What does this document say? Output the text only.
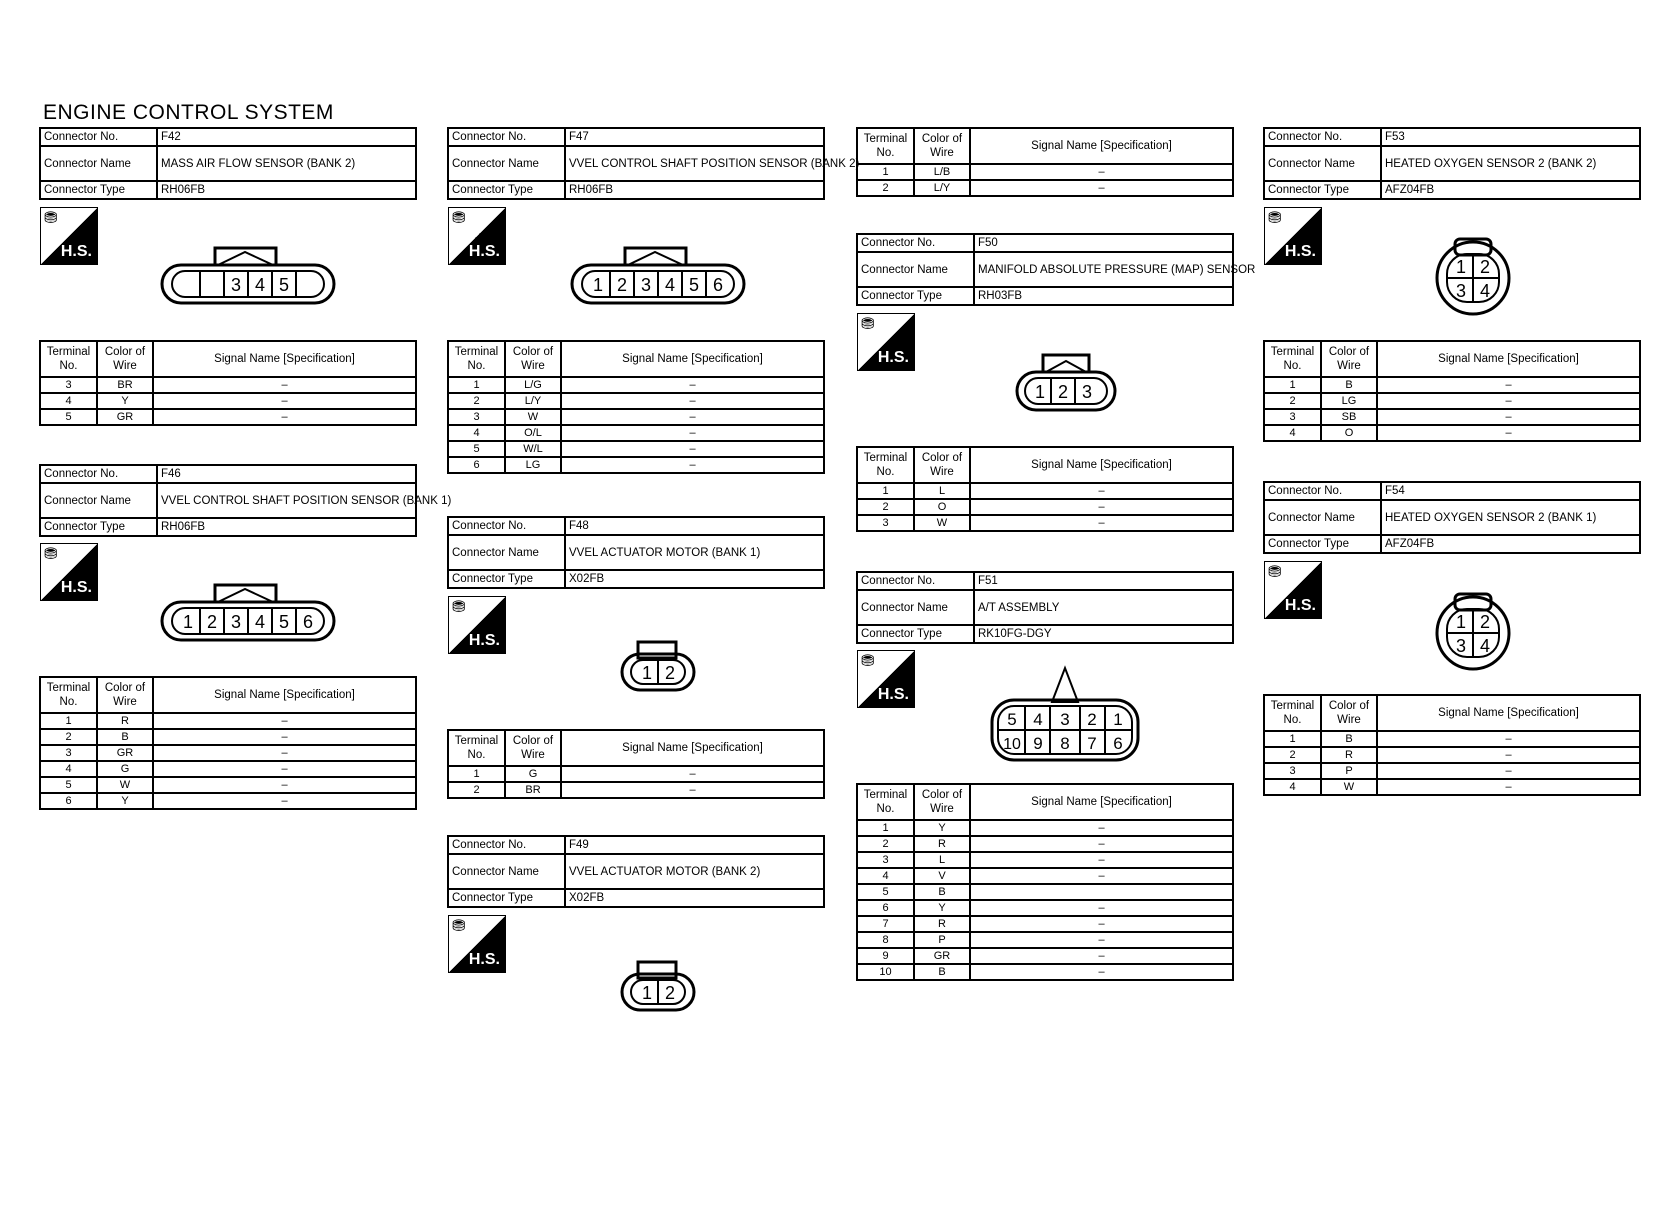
ENGINE CONTROL SYSTEM
Connector No.	F42
Connector Name	MASS AIR FLOW SENSOR (BANK 2)
Connector Type	RH06FB
Connector No.	F46
Connector Name	VVEL CONTROL SHAFT POSITION SENSOR (BANK 1)
Connector Type	RH06FB
Connector No.	F47
Connector Name	VVEL CONTROL SHAFT POSITION SENSOR (BANK 2)
Connector Type	RH06FB
Connector No.	F48
Connector Name	VVEL ACTUATOR MOTOR (BANK 1)
Connector Type	X02FB
Connector No.	F49
Connector Name	VVEL ACTUATOR MOTOR (BANK 2)
Connector Type	X02FB
Connector No.	F50
Connector Name	MANIFOLD ABSOLUTE PRESSURE (MAP) SENSOR
Connector Type	RH03FB
Connector No.	F51
Connector Name	A/T ASSEMBLY
Connector Type	RK10FG-DGY
Connector No.	F53
Connector Name	HEATED OXYGEN SENSOR 2 (BANK 2)
Connector Type	AFZ04FB
Connector No.	F54
Connector Name	HEATED OXYGEN SENSOR 2 (BANK 1)
Connector Type	AFZ04FB
Terminal No.	Color of Wire	Signal Name [Specification]
3	BR	–
4	Y	–
5	GR	–
Terminal No.	Color of Wire	Signal Name [Specification]
1	R	–
2	B	–
3	GR	–
4	G	–
5	W	–
6	Y	–
Terminal No.	Color of Wire	Signal Name [Specification]
1	L/G	–
2	L/Y	–
3	W	–
4	O/L	–
5	W/L	–
6	LG	–
Terminal No.	Color of Wire	Signal Name [Specification]
1	G	–
2	BR	–
Terminal No.	Color of Wire	Signal Name [Specification]
1	L/B	–
2	L/Y	–
Terminal No.	Color of Wire	Signal Name [Specification]
1	L	–
2	O	–
3	W	–
Terminal No.	Color of Wire	Signal Name [Specification]
1	Y	–
2	R	–
3	L	–
4	V	–
5	B	
6	Y	–
7	R	–
8	P	–
9	GR	–
10	B	–
Terminal No.	Color of Wire	Signal Name [Specification]
1	B	–
2	LG	–
3	SB	–
4	O	–
Terminal No.	Color of Wire	Signal Name [Specification]
1	B	–
2	R	–
3	P	–
4	W	–
⛃
H.S.
⛃
H.S.
⛃
H.S.
⛃
H.S.
⛃
H.S.
⛃
H.S.
⛃
H.S.
⛃
H.S.
⛃
H.S.
3 4 5
1 2 3 4 5 6
1 2 3 4 5 6
1 2
1 2
1 2 3
5 4 3 2 1
10 9 8 7 6
1 2
3 4
1 2
3 4
